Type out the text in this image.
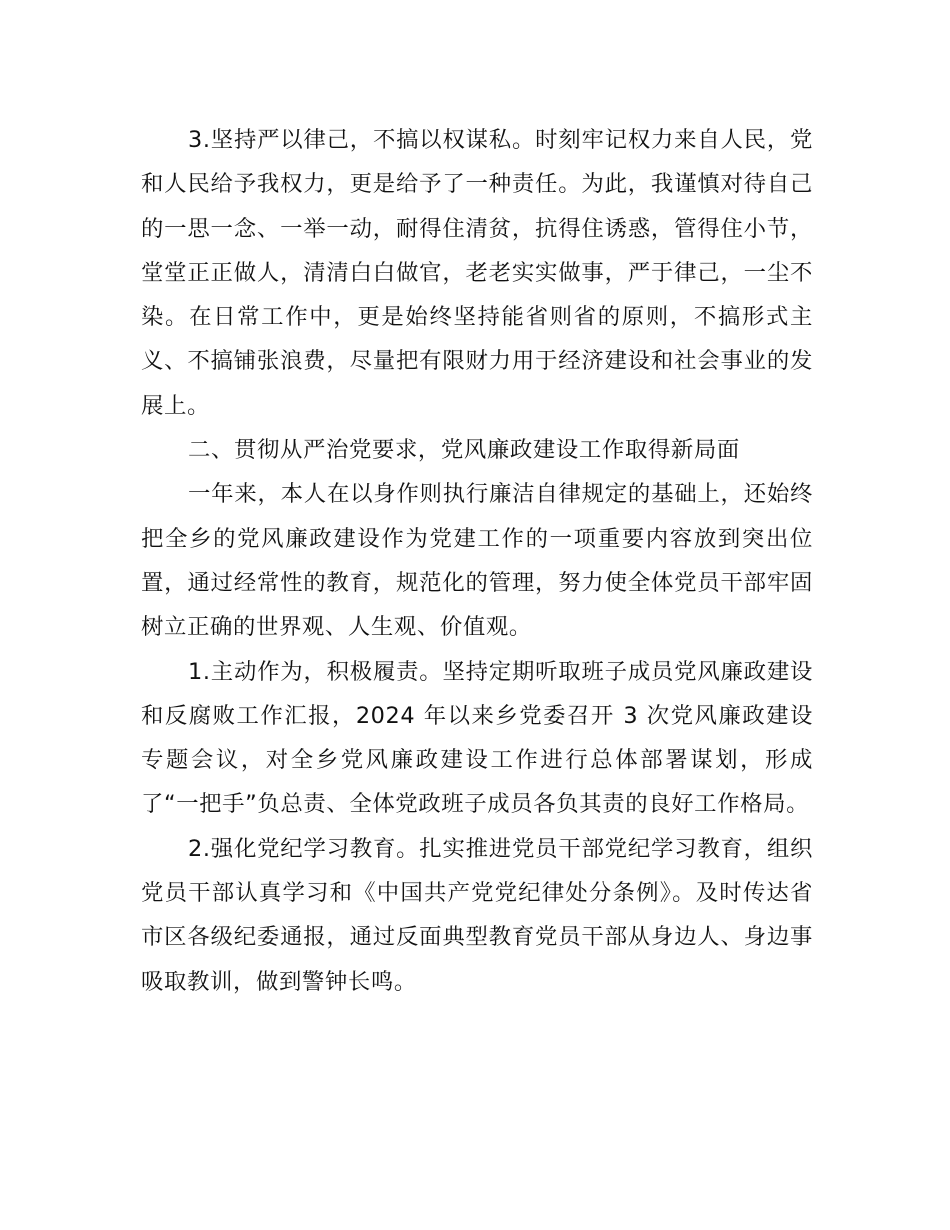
3.坚持严以律己，不搞以权谋私。时刻牢记权力来自人民，党和人民给予我权力，更是给予了一种责任。为此，我谨慎对待自己的一思一念、一举一动，耐得住清贫，抗得住诱惑，管得住小节，堂堂正正做人，清清白白做官，老老实实做事，严于律己，一尘不染。在日常工作中，更是始终坚持能省则省的原则，不搞形式主义、不搞铺张浪费，尽量把有限财力用于经济建设和社会事业的发展上。

二、贯彻从严治党要求，党风廉政建设工作取得新局面

一年来，本人在以身作则执行廉洁自律规定的基础上，还始终把全乡的党风廉政建设作为党建工作的一项重要内容放到突出位置，通过经常性的教育，规范化的管理，努力使全体党员干部牢固树立正确的世界观、人生观、价值观。

1.主动作为，积极履责。坚持定期听取班子成员党风廉政建设和反腐败工作汇报，2024 年以来乡党委召开 3 次党风廉政建设专题会议，对全乡党风廉政建设工作进行总体部署谋划，形成了“一把手”负总责、全体党政班子成员各负其责的良好工作格局。

2.强化党纪学习教育。扎实推进党员干部党纪学习教育，组织党员干部认真学习和《中国共产党党纪律处分条例》。及时传达省市区各级纪委通报，通过反面典型教育党员干部从身边人、身边事吸取教训，做到警钟长鸣。
